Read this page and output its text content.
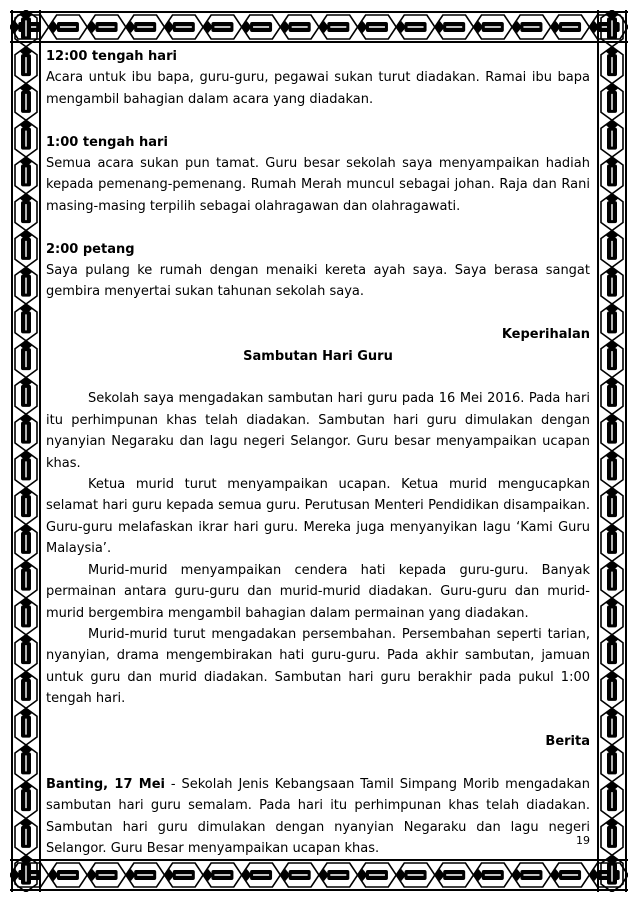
12:00 tengah hari

Acara untuk ibu bapa, guru-guru, pegawai sukan turut diadakan. Ramai ibu bapa mengambil bahagian dalam acara yang diadakan.

1:00 tengah hari

Semua acara sukan pun tamat. Guru besar sekolah saya menyampaikan hadiah kepada pemenang-pemenang. Rumah Merah muncul sebagai johan. Raja dan Rani masing-masing terpilih sebagai olahragawan dan olahragawati.

2:00 petang

Saya pulang ke rumah dengan menaiki kereta ayah saya. Saya berasa sangat gembira menyertai sukan tahunan sekolah saya.

Keperihalan

Sambutan Hari Guru

Sekolah saya mengadakan sambutan hari guru pada 16 Mei 2016. Pada hari itu perhimpunan khas telah diadakan. Sambutan hari guru dimulakan dengan nyanyian Negaraku dan lagu negeri Selangor. Guru besar menyampaikan ucapan khas.

Ketua murid turut menyampaikan ucapan. Ketua murid mengucapkan selamat hari guru kepada semua guru. Perutusan Menteri Pendidikan disampaikan. Guru-guru melafaskan ikrar hari guru. Mereka juga menyanyikan lagu ‘Kami Guru Malaysia’.

Murid-murid menyampaikan cendera hati kepada guru-guru. Banyak permainan antara guru-guru dan murid-murid diadakan. Guru-guru dan murid-murid bergembira mengambil bahagian dalam permainan yang diadakan.

Murid-murid turut mengadakan persembahan. Persembahan seperti tarian, nyanyian, drama mengembirakan hati guru-guru. Pada akhir sambutan, jamuan untuk guru dan murid diadakan. Sambutan hari guru berakhir pada pukul 1:00 tengah hari.

Berita

Banting, 17 Mei - Sekolah Jenis Kebangsaan Tamil Simpang Morib mengadakan sambutan hari guru semalam. Pada hari itu perhimpunan khas telah diadakan. Sambutan hari guru dimulakan dengan nyanyian Negaraku dan lagu negeri Selangor. Guru Besar menyampaikan ucapan khas.

19
